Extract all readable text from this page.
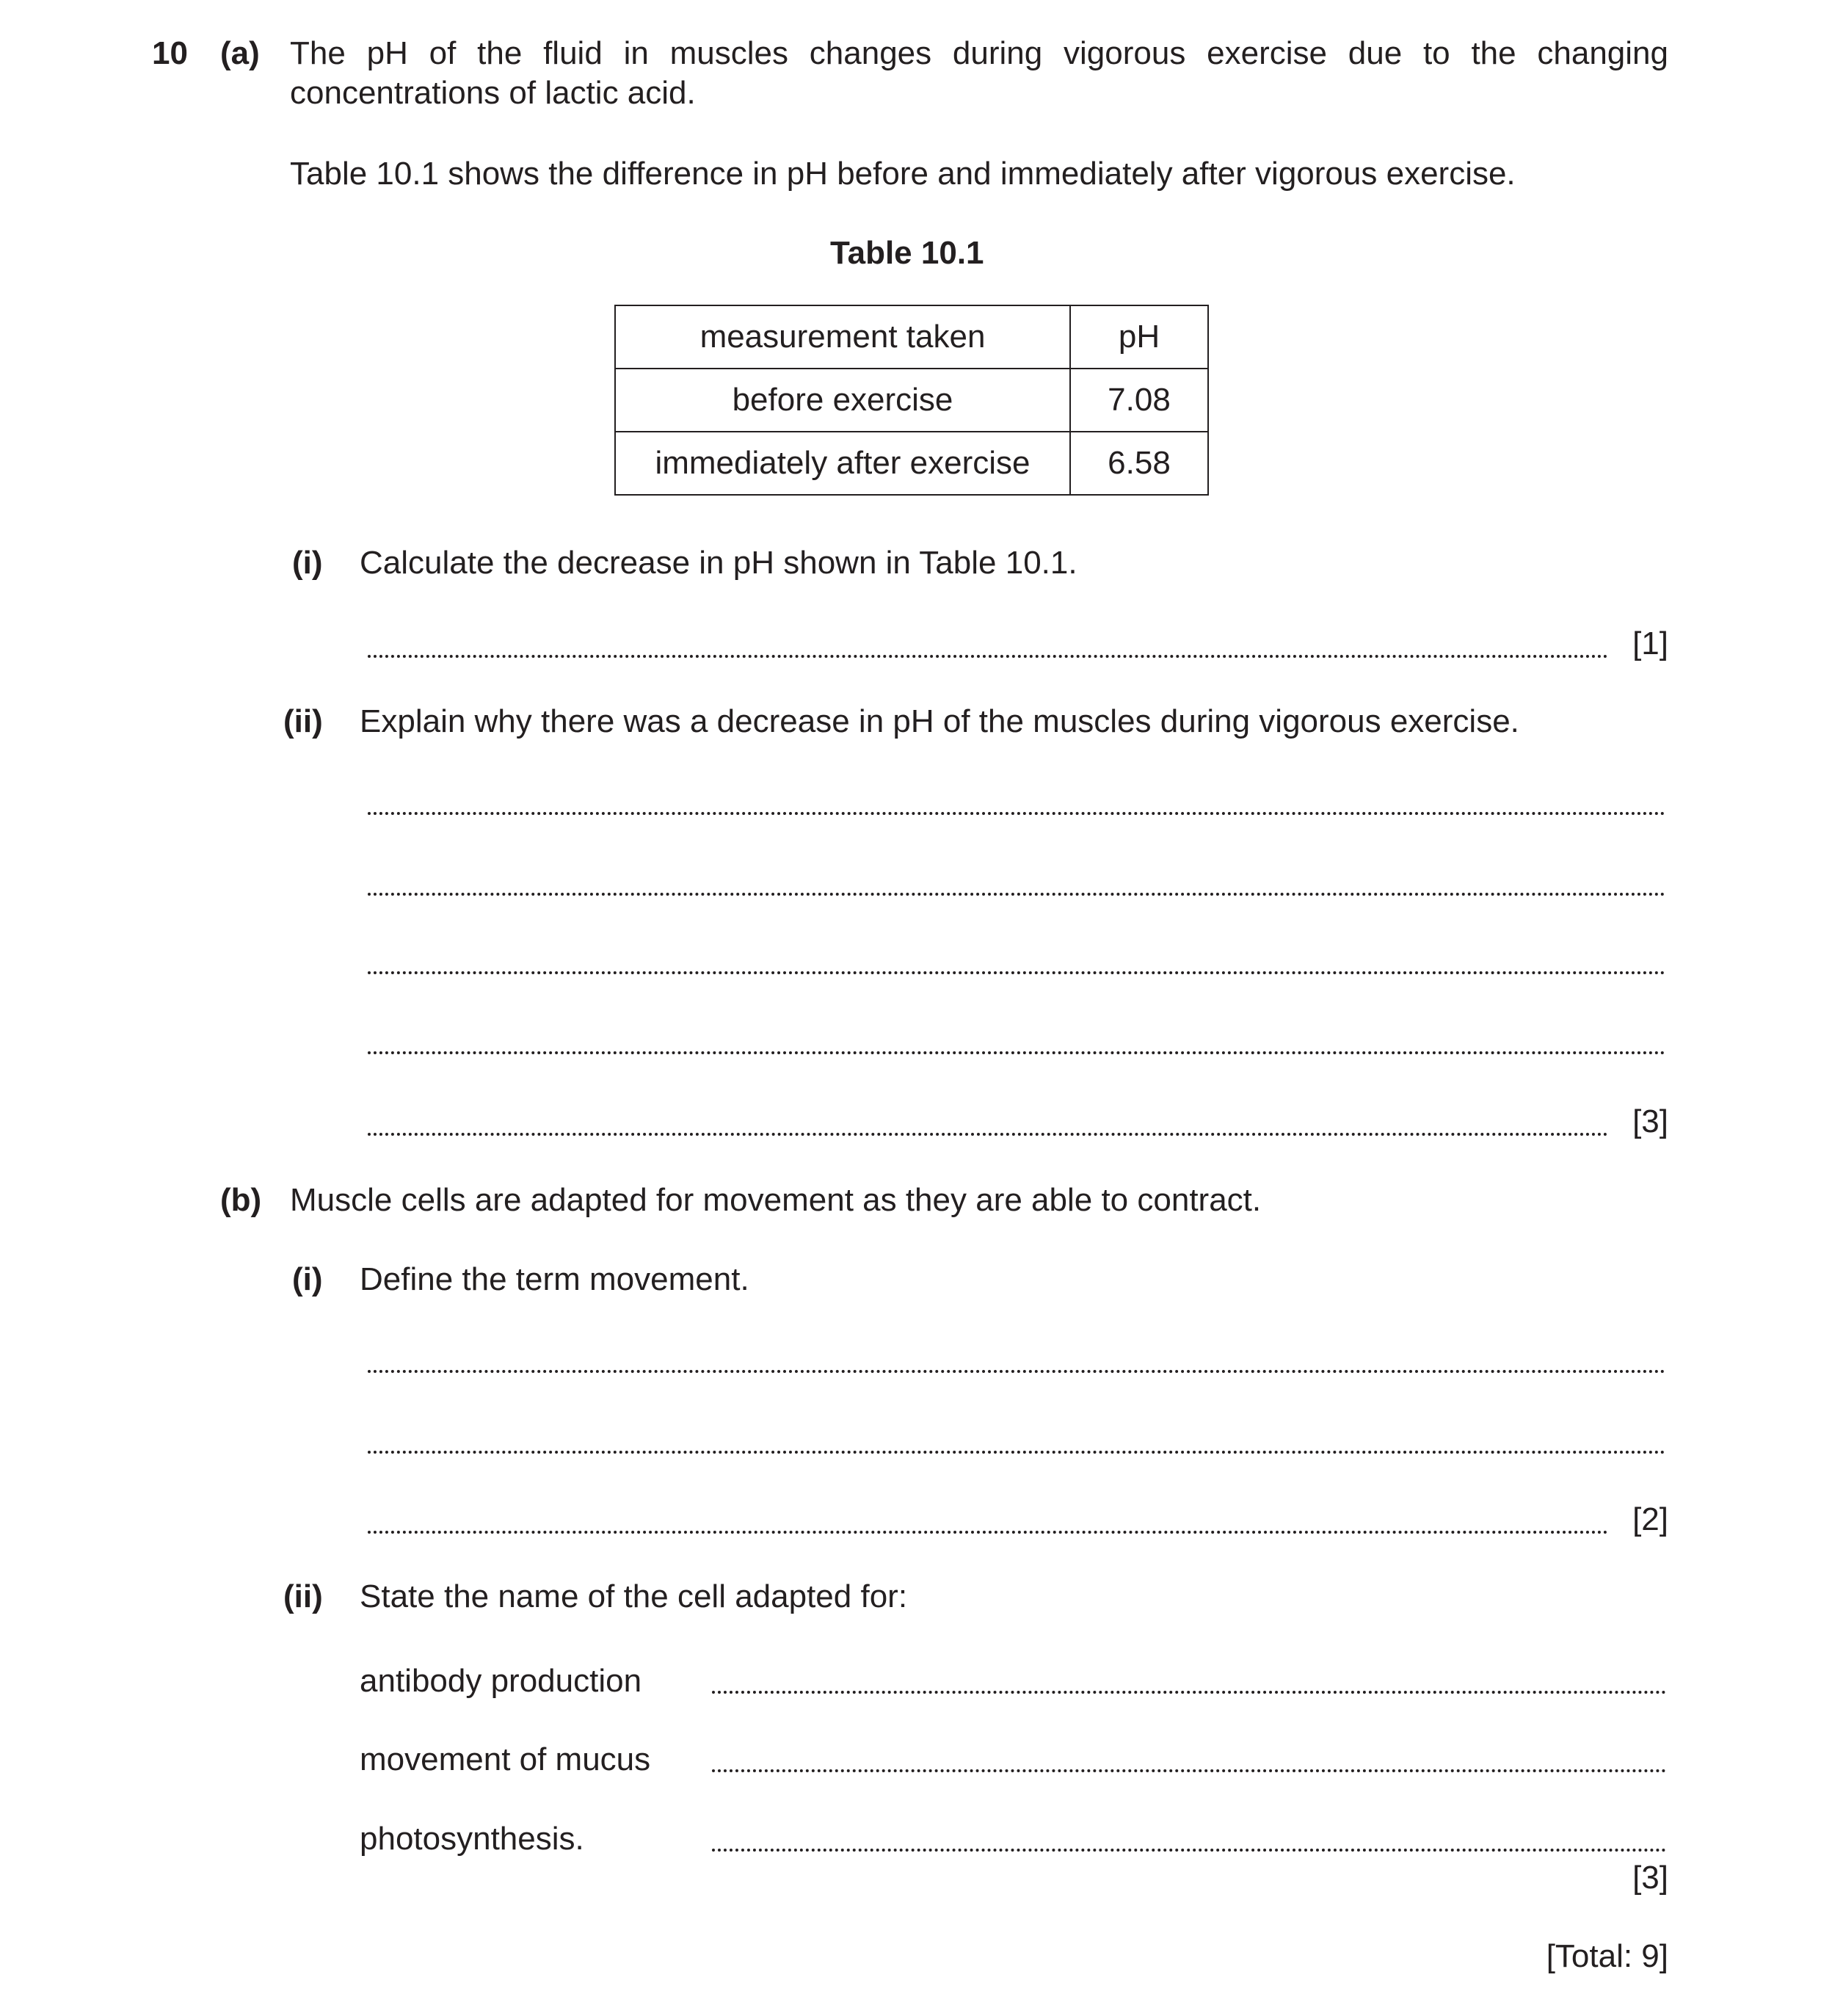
10 (a) The pH of the fluid in muscles changes during vigorous exercise due to the changing
concentrations of lactic acid.
Table 10.1 shows the difference in pH before and immediately after vigorous exercise.
Table 10.1
measurement taken	pH
before exercise	7.08
immediately after exercise	6.58
(i) Calculate the decrease in pH shown in Table 10.1.
[1]
(ii) Explain why there was a decrease in pH of the muscles during vigorous exercise.
[3]
(b) Muscle cells are adapted for movement as they are able to contract.
(i) Define the term movement.
[2]
(ii) State the name of the cell adapted for:
antibody production
movement of mucus
photosynthesis.
[3]
[Total: 9]
